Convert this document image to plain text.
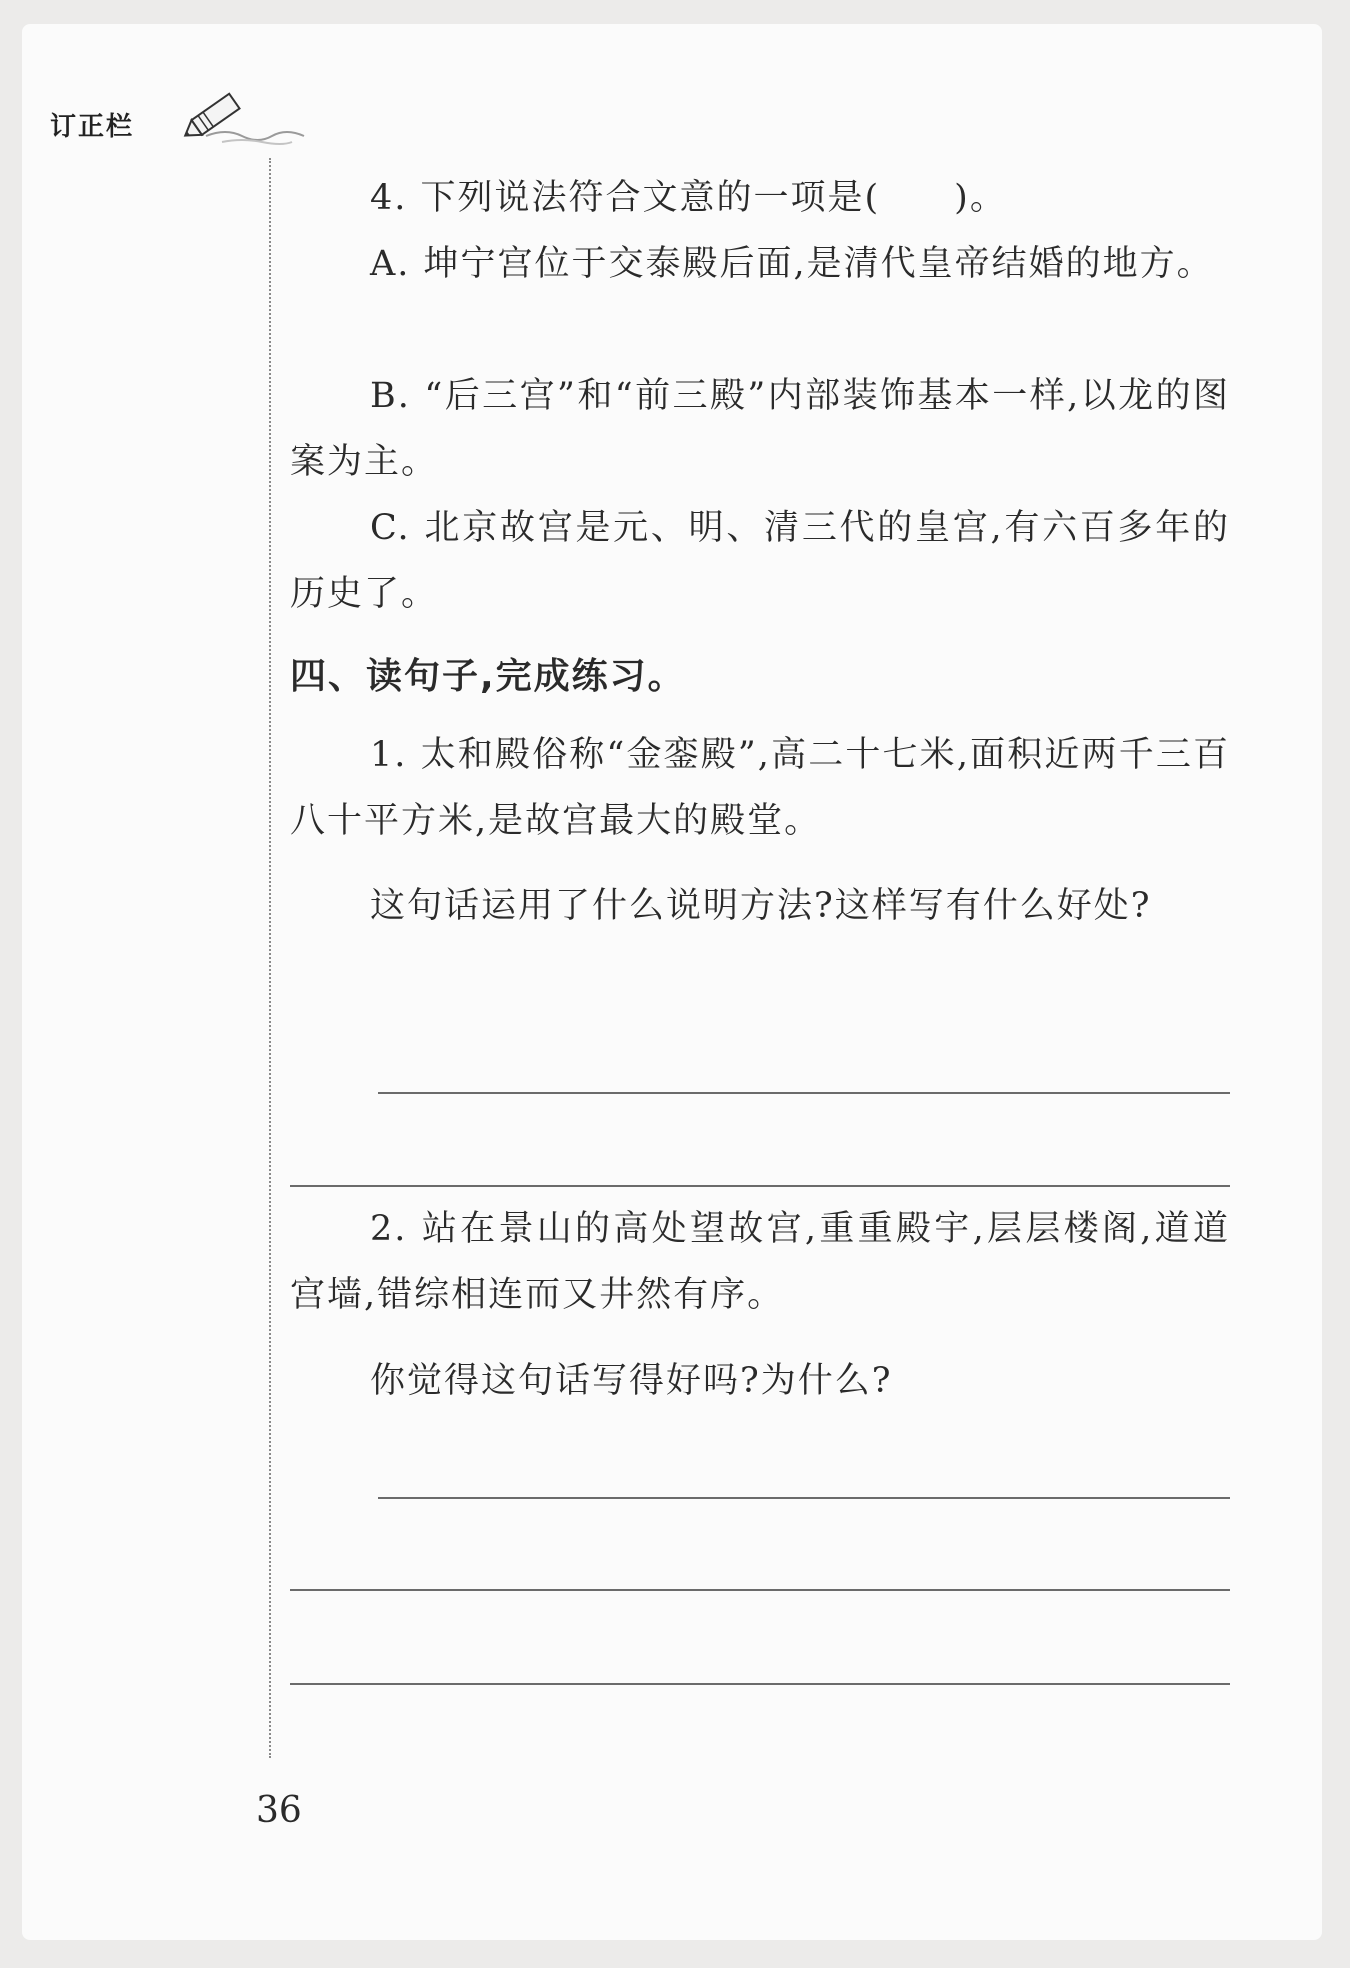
订正栏

4. 下列说法符合文意的一项是(　　)。

A. 坤宁宫位于交泰殿后面,是清代皇帝结婚的地方。

B. “后三宫”和“前三殿”内部装饰基本一样,以龙的图案为主。

C. 北京故宫是元、明、清三代的皇宫,有六百多年的历史了。

四、读句子,完成练习。

1. 太和殿俗称“金銮殿”,高二十七米,面积近两千三百八十平方米,是故宫最大的殿堂。

这句话运用了什么说明方法?这样写有什么好处?

2. 站在景山的高处望故宫,重重殿宇,层层楼阁,道道宫墙,错综相连而又井然有序。

你觉得这句话写得好吗?为什么?

36
